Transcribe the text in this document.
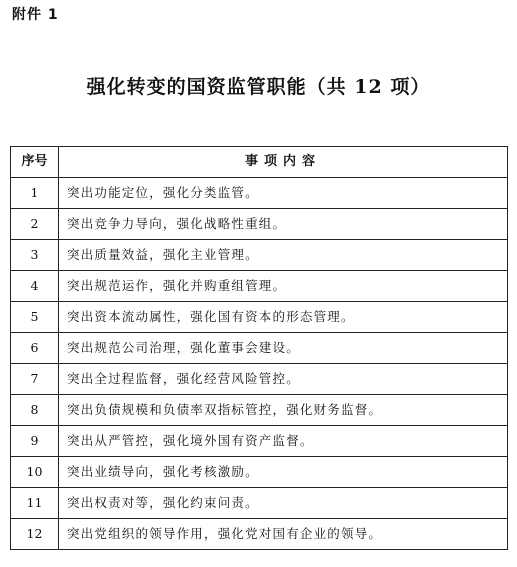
附件 1
强化转变的国资监管职能（共 12 项）
序号	事项内容
1	突出功能定位，强化分类监管。
2	突出竞争力导向，强化战略性重组。
3	突出质量效益，强化主业管理。
4	突出规范运作，强化并购重组管理。
5	突出资本流动属性，强化国有资本的形态管理。
6	突出规范公司治理，强化董事会建设。
7	突出全过程监督，强化经营风险管控。
8	突出负债规模和负债率双指标管控，强化财务监督。
9	突出从严管控，强化境外国有资产监督。
10	突出业绩导向，强化考核激励。
11	突出权责对等，强化约束问责。
12	突出党组织的领导作用，强化党对国有企业的领导。
